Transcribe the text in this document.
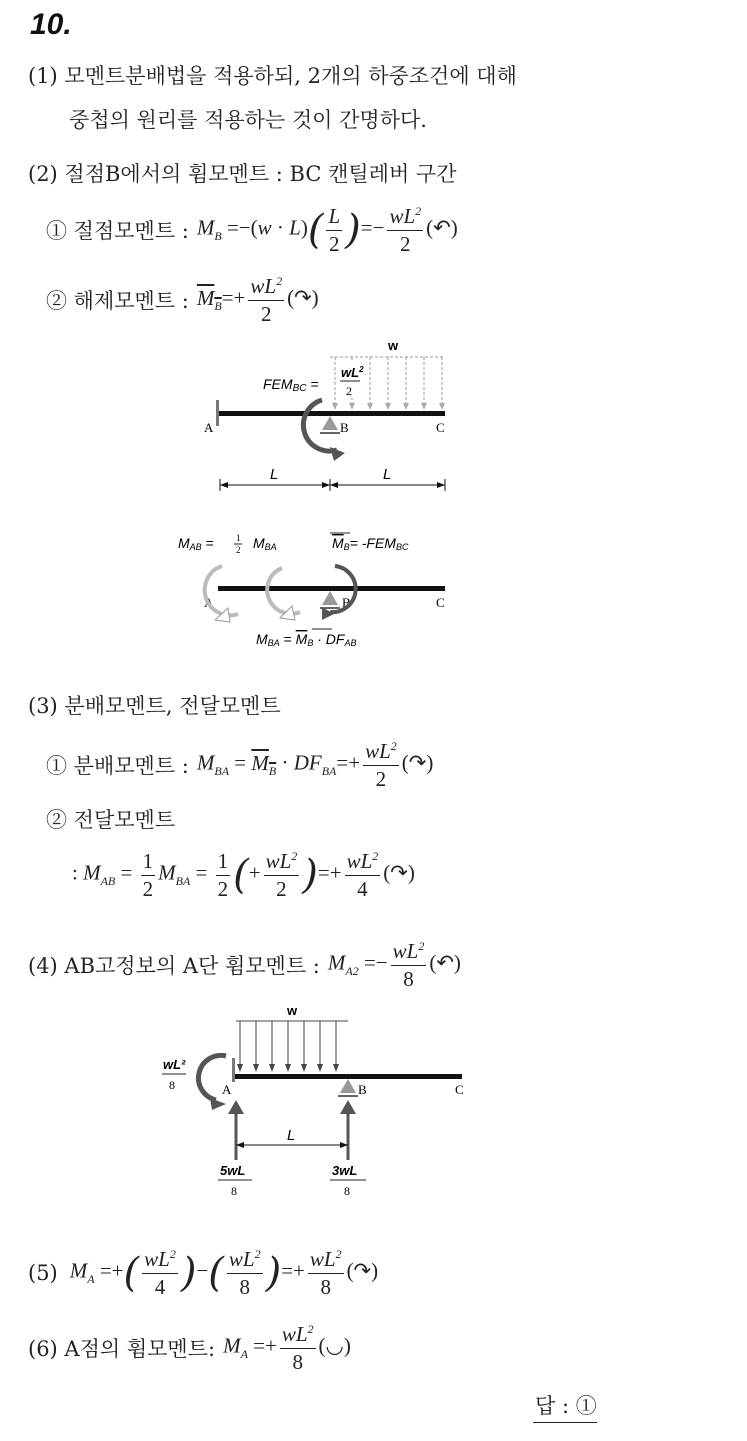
10.
(1) 모멘트분배법을 적용하되, 2개의 하중조건에 대해
중첩의 원리를 적용하는 것이 간명하다.
(2) 절점B에서의 휨모멘트 : BC 캔틸레버 구간
① 절점모멘트 : $M_B =-(w \cdot L)( \frac{L}{2}$ )=− $\frac{wL^2}{2}$ (↶)
② 해제모멘트 : $M_B=+ \frac{wL^2}{2}$ (↷)
w
FEMBC =
$wL^2$
2
A	B	C
L	L
MAB = 1
2 MBA	MB= -FEMBC
A	B	C
MBA = MB · DFAB
(3) 분배모멘트, 전달모멘트
① 분배모멘트 : $M_{BA} = M_B \cdot DF_{BA}=+ \frac{wL^2}{2}$ (↷)
② 전달모멘트
: $M_{AB} = \frac{1}{2} M_{BA} = \frac{1}{2}$ (+ $\frac{wL^2}{2}$ )=+ $\frac{wL^2}{4}$ (↷)
(4) AB고정보의 A단 휨모멘트 : $M_{A2} =- \frac{wL^2}{8}$ (↶)
w
A	B	C
wL²
8
L
5wL
8
3wL
8
(5) $M_A$ =+( $\frac{wL^2}{4}$ )−( $\frac{wL^2}{8}$ )=+ $\frac{wL^2}{8}$ (↷)
(6) A점의 휨모멘트: $M_A =+ \frac{wL^2}{8}$ (◡)
답 : ①
